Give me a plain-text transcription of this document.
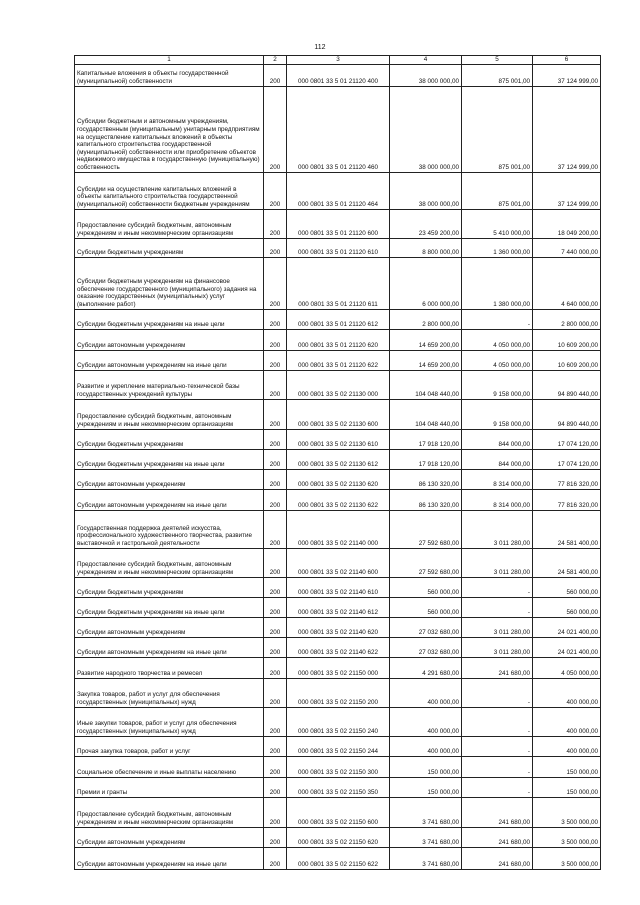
112
1	2	3	4	5	6
Капитальные вложения в объекты государственной (муниципальной) собственности	200	000 0801 33 5 01 21120 400	38 000 000,00	875 001,00	37 124 999,00
Субсидии бюджетным и автономным учреждениям, государственным (муниципальным) унитарным предприятиям на осуществление капитальных вложений в объекты капитального строительства государственной (муниципальной) собственности или приобретение объектов недвижимого имущества в государственную (муниципальную) собственность	200	000 0801 33 5 01 21120 460	38 000 000,00	875 001,00	37 124 999,00
Субсидии на осуществление капитальных вложений в объекты капитального строительства государственной (муниципальной) собственности бюджетным учреждениям	200	000 0801 33 5 01 21120 464	38 000 000,00	875 001,00	37 124 999,00
Предоставление субсидий бюджетным, автономным учреждениям и иным некоммерческим организациям	200	000 0801 33 5 01 21120 600	23 459 200,00	5 410 000,00	18 049 200,00
Субсидии бюджетным учреждениям	200	000 0801 33 5 01 21120 610	8 800 000,00	1 360 000,00	7 440 000,00
Субсидии бюджетным учреждениям на финансовое обеспечение государственного (муниципального) задания на оказание государственных (муниципальных) услуг (выполнение работ)	200	000 0801 33 5 01 21120 611	6 000 000,00	1 380 000,00	4 640 000,00
Субсидии бюджетным учреждениям на иные цели	200	000 0801 33 5 01 21120 612	2 800 000,00	-	2 800 000,00
Субсидии автономным учреждениям	200	000 0801 33 5 01 21120 620	14 659 200,00	4 050 000,00	10 609 200,00
Субсидии автономным учреждениям на иные цели	200	000 0801 33 5 01 21120 622	14 659 200,00	4 050 000,00	10 609 200,00
Развитие и укрепление материально-технической базы государственных учреждений культуры	200	000 0801 33 5 02 21130 000	104 048 440,00	9 158 000,00	94 890 440,00
Предоставление субсидий бюджетным, автономным учреждениям и иным некоммерческим организациям	200	000 0801 33 5 02 21130 600	104 048 440,00	9 158 000,00	94 890 440,00
Субсидии бюджетным учреждениям	200	000 0801 33 5 02 21130 610	17 918 120,00	844 000,00	17 074 120,00
Субсидии бюджетным учреждениям на иные цели	200	000 0801 33 5 02 21130 612	17 918 120,00	844 000,00	17 074 120,00
Субсидии автономным учреждениям	200	000 0801 33 5 02 21130 620	86 130 320,00	8 314 000,00	77 816 320,00
Субсидии автономным учреждениям на иные цели	200	000 0801 33 5 02 21130 622	86 130 320,00	8 314 000,00	77 816 320,00
Государственная поддержка деятелей искусства, профессионального художественного творчества, развитие выставочной и гастрольной деятельности	200	000 0801 33 5 02 21140 000	27 592 680,00	3 011 280,00	24 581 400,00
Предоставление субсидий бюджетным, автономным учреждениям и иным некоммерческим организациям	200	000 0801 33 5 02 21140 600	27 592 680,00	3 011 280,00	24 581 400,00
Субсидии бюджетным учреждениям	200	000 0801 33 5 02 21140 610	560 000,00	-	560 000,00
Субсидии бюджетным учреждениям на иные цели	200	000 0801 33 5 02 21140 612	560 000,00	-	560 000,00
Субсидии автономным учреждениям	200	000 0801 33 5 02 21140 620	27 032 680,00	3 011 280,00	24 021 400,00
Субсидии автономным учреждениям на иные цели	200	000 0801 33 5 02 21140 622	27 032 680,00	3 011 280,00	24 021 400,00
Развитие народного творчества и ремесел	200	000 0801 33 5 02 21150 000	4 291 680,00	241 680,00	4 050 000,00
Закупка товаров, работ и услуг для обеспечения государственных (муниципальных) нужд	200	000 0801 33 5 02 21150 200	400 000,00	-	400 000,00
Иные закупки товаров, работ и услуг для обеспечения государственных (муниципальных) нужд	200	000 0801 33 5 02 21150 240	400 000,00	-	400 000,00
Прочая закупка товаров, работ и услуг	200	000 0801 33 5 02 21150 244	400 000,00	-	400 000,00
Социальное обеспечение и иные выплаты населению	200	000 0801 33 5 02 21150 300	150 000,00	-	150 000,00
Премии и гранты	200	000 0801 33 5 02 21150 350	150 000,00	-	150 000,00
Предоставление субсидий бюджетным, автономным учреждениям и иным некоммерческим организациям	200	000 0801 33 5 02 21150 600	3 741 680,00	241 680,00	3 500 000,00
Субсидии автономным учреждениям	200	000 0801 33 5 02 21150 620	3 741 680,00	241 680,00	3 500 000,00
Субсидии автономным учреждениям на иные цели	200	000 0801 33 5 02 21150 622	3 741 680,00	241 680,00	3 500 000,00
